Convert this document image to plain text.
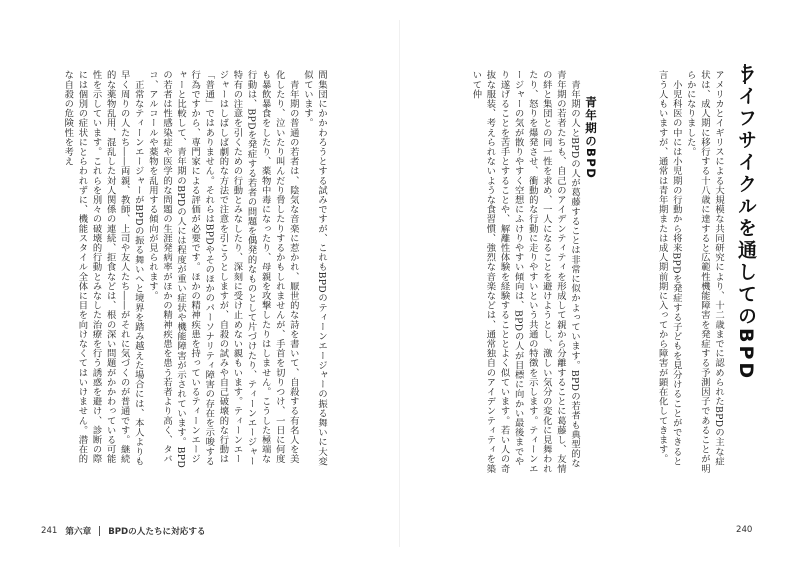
ライフサイクルを通してのBPD
アメリカとイギリスによる大規模な共同研究により、十二歳までに認められたBPDの主な症状は、成人期に移行する十八歳に達すると広範性機能障害を発症する予測因子であることが明らかになりました。
　小児科医の中には小児期の行動から将来BPDを発症する子どもを見分けることができると言う人もいますが、通常は青年期または成人期前期に入ってから障害が顕在化してきます。
青年期のBPD
　青年期の人とBPDの人が葛藤することは非常に似かよっています。BPDの若者も典型的な青年期の若者たちも、自己のアイデンティティを形成して親から分離することに葛藤し、友情の絆と集団との同一性を求め、一人になることを避けようとし、激しい気分の変化に見舞われたり、怒りを爆発させ、衝動的な行動に走りやすいという共通の特徴を示します。ティーンエージャーの気が散りやすく空想にふけりやすい傾向は、BPDの人が目標に向かい最後までやり遂げることを苦手とすることや、解離性体験を経験することとよく似ています。若い人の奇抜な服装、考えられないような食習慣、強烈な音楽などは、通常独自のアイデンティティを築いて仲
間集団にかかわろうとする試みですが、これもBPDのティーンエージャーの振る舞いに大変似ています。
　青年期の普通の若者は、陰気な音楽に惹かれ、厭世的な詩を書いて、自殺する有名人を美化したり、泣いたり叫んだり脅したりするかもしれませんが、手首を切りつけ、一日に何度も暴飲暴食をしたり、薬物中毒になったり、母親を攻撃したりはしません。こうした極端な行動は、BPDを発症する若者の問題を偶発的なものとして片づけたり、ティーンエージャー特有の注意を引くための行動とみなしたり、深刻に受け止めない親もいます。ティーンエージャーはしばしば劇的な方法で注意を引こうとしますが、自殺の試みや自己破壊的な行動は「普通」ではありません。それらはBPDやそのほかのパーソナリティ障害の存在を示唆する行為ですから、専門家による評価が必要です。ほかの精神疾患を持っているティーンエージャーと比較して、青年期のBPDの人には程度が重い症状や機能障害が示されています。BPDの若者は性感染症や医学的な問題の生涯発病率がほかの精神疾患を患う若者より高く、タバコ、アルコールや薬物を乱用する傾向が見られます。
　正常なティーンエージャーがBPDの振る舞いへと境界を踏み越えた場合には、本人よりも早く周りの人たち――両親、教師、上司や友人たち――がそれに気づくのが普通です。継続的な薬物乱用、混乱した対人関係の連続、拒食などは、根の深い問題がかかわっている可能性を示しています。これらを別々の破壊的行動とみなした治療を行う誘惑を避け、診断の際には個別の症状にとらわれずに、機能スタイル全体に目を向けなくてはいけません。潜在的な自殺の危険性を考え
241 第六章 BPDの人たちに対応する	240
